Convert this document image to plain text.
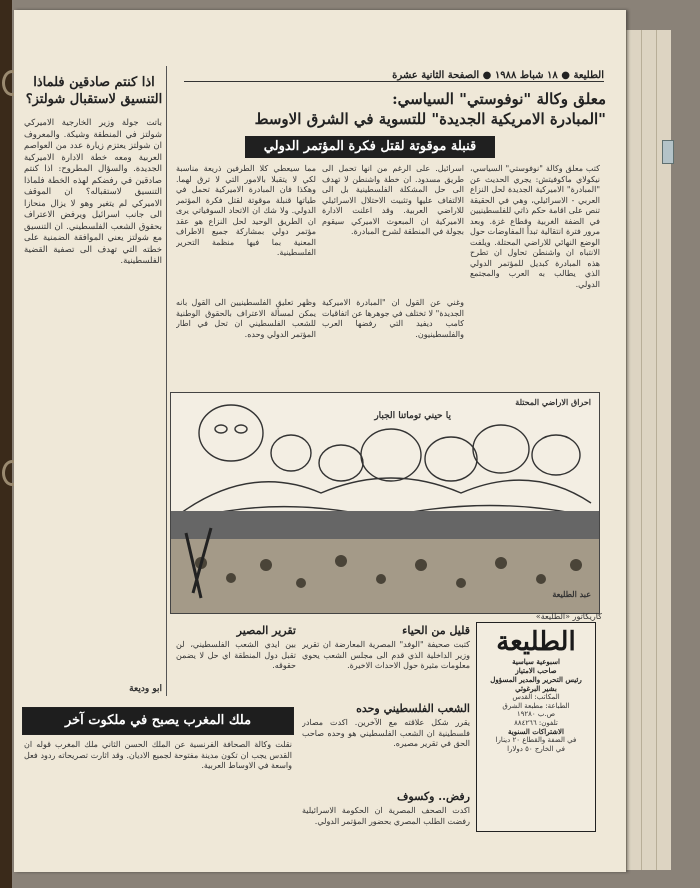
الطليعة ● ١٨ شباط ١٩٨٨ ● الصفحة الثانية عشرة
معلق وكالة "نوفوستي" السياسي:
"المبادرة الامريكية الجديدة" للتسوية في الشرق الاوسط
قنبلة موقوتة لقتل فكرة المؤتمر الدولي
كتب معلق وكالة "نوفوستي" السياسي، نيكولاي ماكوفيتش: يجري الحديث عن "المبادرة" الاميركية الجديدة لحل النزاع العربي - الاسرائيلي، وهي في الحقيقة تنص على اقامة حكم ذاتي للفلسطينيين في الضفة الغربية وقطاع غزة. وبعد مرور فترة انتقالية تبدأ المفاوضات حول الوضع النهائي للاراضي المحتلة. ويلفت الانتباه ان واشنطن تحاول ان تطرح هذه المبادرة كبديل للمؤتمر الدولي الذي يطالب به العرب والمجتمع الدولي.
اسرائيل. على الرغم من انها تحمل الى طريق مسدود. ان خطة واشنطن لا تهدف الى حل المشكلة الفلسطينية بل الى الالتفاف عليها وتثبيت الاحتلال الاسرائيلي للاراضي العربية. وقد اعلنت الادارة الاميركية ان المبعوث الاميركي سيقوم بجولة في المنطقة لشرح المبادرة.
مما سيعطي كلا الطرفين ذريعة مناسبة لكي لا يتقبلا بالامور التي لا ترق لهما. وهكذا فان المبادرة الاميركية تحمل في طياتها قنبلة موقوتة لقتل فكرة المؤتمر الدولي. ولا شك ان الاتحاد السوفياتي يرى ان الطريق الوحيد لحل النزاع هو عقد مؤتمر دولي بمشاركة جميع الاطراف المعنية بما فيها منظمة التحرير الفلسطينية.
وغني عن القول ان "المبادرة الاميركية الجديدة" لا تختلف في جوهرها عن اتفاقيات كامب ديفيد التي رفضها العرب والفلسطينيون.
وظهر تعليق الفلسطينيين الى القول بانه يمكن لمسألة الاعتراف بالحقوق الوطنية للشعب الفلسطيني ان تحل في اطار المؤتمر الدولي وحده.
اذا كنتم صادقين فلماذا التنسيق لاستقبال شولتز؟
باتت جولة وزير الخارجية الاميركي شولتز في المنطقة وشيكة. والمعروف ان شولتز يعتزم زيارة عدد من العواصم العربية ومعه خطة الادارة الاميركية الجديدة. والسؤال المطروح: اذا كنتم صادقين في رفضكم لهذه الخطة فلماذا التنسيق لاستقباله؟ ان الموقف الاميركي لم يتغير وهو لا يزال منحازا الى جانب اسرائيل ويرفض الاعتراف بحقوق الشعب الفلسطيني. ان التنسيق مع شولتز يعني الموافقة الضمنية على خطته التي تهدف الى تصفية القضية الفلسطينية.
ابو وديعة
يا حيني توماتنا الجبار
احراق الاراضي المحتلة
عبد الطليعة
كاريكاتور «الطليعة»
قليل من الحياء
كتبت صحيفة "الوفد" المصرية المعارضة ان تقرير وزير الداخلية الذي قدم الى مجلس الشعب يحوي معلومات مثيرة حول الاحداث الاخيرة.
الشعب الفلسطيني وحده
يقرر شكل علاقته مع الآخرين. اكدت مصادر فلسطينية ان الشعب الفلسطيني هو وحده صاحب الحق في تقرير مصيره.
رفض.. وكسوف
اكدت الصحف المصرية ان الحكومة الاسرائيلية رفضت الطلب المصري بحضور المؤتمر الدولي.
تقرير المصير
بين ايدي الشعب الفلسطيني، لن تقبل دول المنطقة اي حل لا يضمن حقوقه.
ملك المغرب يصبح في ملكوت آخر
نقلت وكالة الصحافة الفرنسية عن الملك الحسن الثاني ملك المغرب قوله ان القدس يجب ان تكون مدينة مفتوحة لجميع الاديان. وقد اثارت تصريحاته ردود فعل واسعة في الاوساط العربية.
الطليعة
اسبوعية سياسية
صاحب الامتياز
رئيس التحرير والمدير المسؤول
بشير البرغوثي
المكاتب: القدس
الطباعة: مطبعة الشرق
ص.ب ١٩٢٨٠
تلفون: ٨٨٤٢٦٦
الاشتراكات السنوية
في الضفة والقطاع ٢٠ دينارا
في الخارج ٥٠ دولارا
